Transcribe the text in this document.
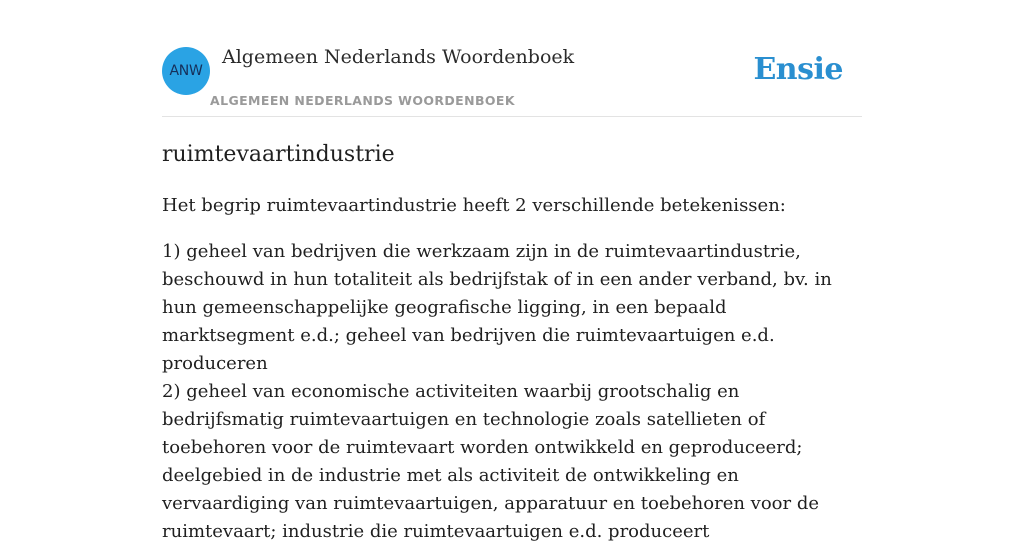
ANW
Algemeen Nederlands Woordenboek
ALGEMEEN NEDERLANDS WOORDENBOEK
Ensie
ruimtevaartindustrie
Het begrip ruimtevaartindustrie heeft 2 verschillende betekenissen:
1) geheel van bedrijven die werkzaam zijn in de ruimtevaartindustrie, beschouwd in hun totaliteit als bedrijfstak of in een ander verband, bv. in hun gemeenschappelijke geografische ligging, in een bepaald marktsegment e.d.; geheel van bedrijven die ruimtevaartuigen e.d. produceren
2) geheel van economische activiteiten waarbij grootschalig en bedrijfsmatig ruimtevaartuigen en technologie zoals satellieten of toebehoren voor de ruimtevaart worden ontwikkeld en geproduceerd; deelgebied in de industrie met als activiteit de ontwikkeling en vervaardiging van ruimtevaartuigen, apparatuur en toebehoren voor de ruimtevaart; industrie die ruimtevaartuigen e.d. produceert
